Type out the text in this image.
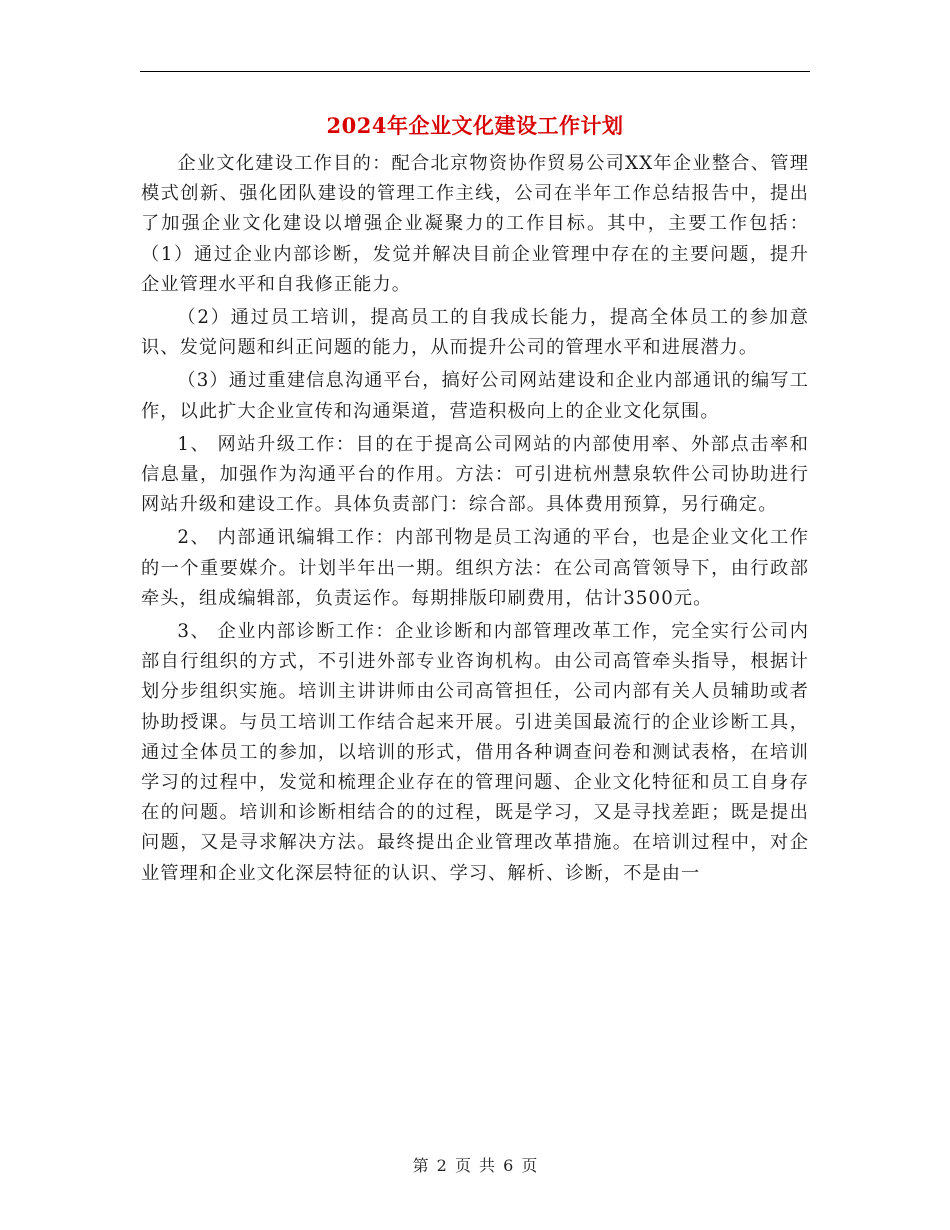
2024年企业文化建设工作计划

企业文化建设工作目的：配合北京物资协作贸易公司XX年企业整合、管理模式创新、强化团队建设的管理工作主线，公司在半年工作总结报告中，提出了加强企业文化建设以增强企业凝聚力的工作目标。其中，主要工作包括：（1）通过企业内部诊断，发觉并解决目前企业管理中存在的主要问题，提升企业管理水平和自我修正能力。

（2）通过员工培训，提高员工的自我成长能力，提高全体员工的参加意识、发觉问题和纠正问题的能力，从而提升公司的管理水平和进展潜力。

（3）通过重建信息沟通平台，搞好公司网站建设和企业内部通讯的编写工作，以此扩大企业宣传和沟通渠道，营造积极向上的企业文化氛围。

1、 网站升级工作：目的在于提高公司网站的内部使用率、外部点击率和信息量，加强作为沟通平台的作用。方法：可引进杭州慧泉软件公司协助进行网站升级和建设工作。具体负责部门：综合部。具体费用预算，另行确定。

2、 内部通讯编辑工作：内部刊物是员工沟通的平台，也是企业文化工作的一个重要媒介。计划半年出一期。组织方法：在公司高管领导下，由行政部牵头，组成编辑部，负责运作。每期排版印刷费用，估计3500元。

3、 企业内部诊断工作：企业诊断和内部管理改革工作，完全实行公司内部自行组织的方式，不引进外部专业咨询机构。由公司高管牵头指导，根据计划分步组织实施。培训主讲讲师由公司高管担任，公司内部有关人员辅助或者协助授课。与员工培训工作结合起来开展。引进美国最流行的企业诊断工具，通过全体员工的参加，以培训的形式，借用各种调查问卷和测试表格，在培训学习的过程中，发觉和梳理企业存在的管理问题、企业文化特征和员工自身存在的问题。培训和诊断相结合的的过程，既是学习，又是寻找差距；既是提出问题，又是寻求解决方法。最终提出企业管理改革措施。在培训过程中，对企业管理和企业文化深层特征的认识、学习、解析、诊断，不是由一

第 2 页 共 6 页
